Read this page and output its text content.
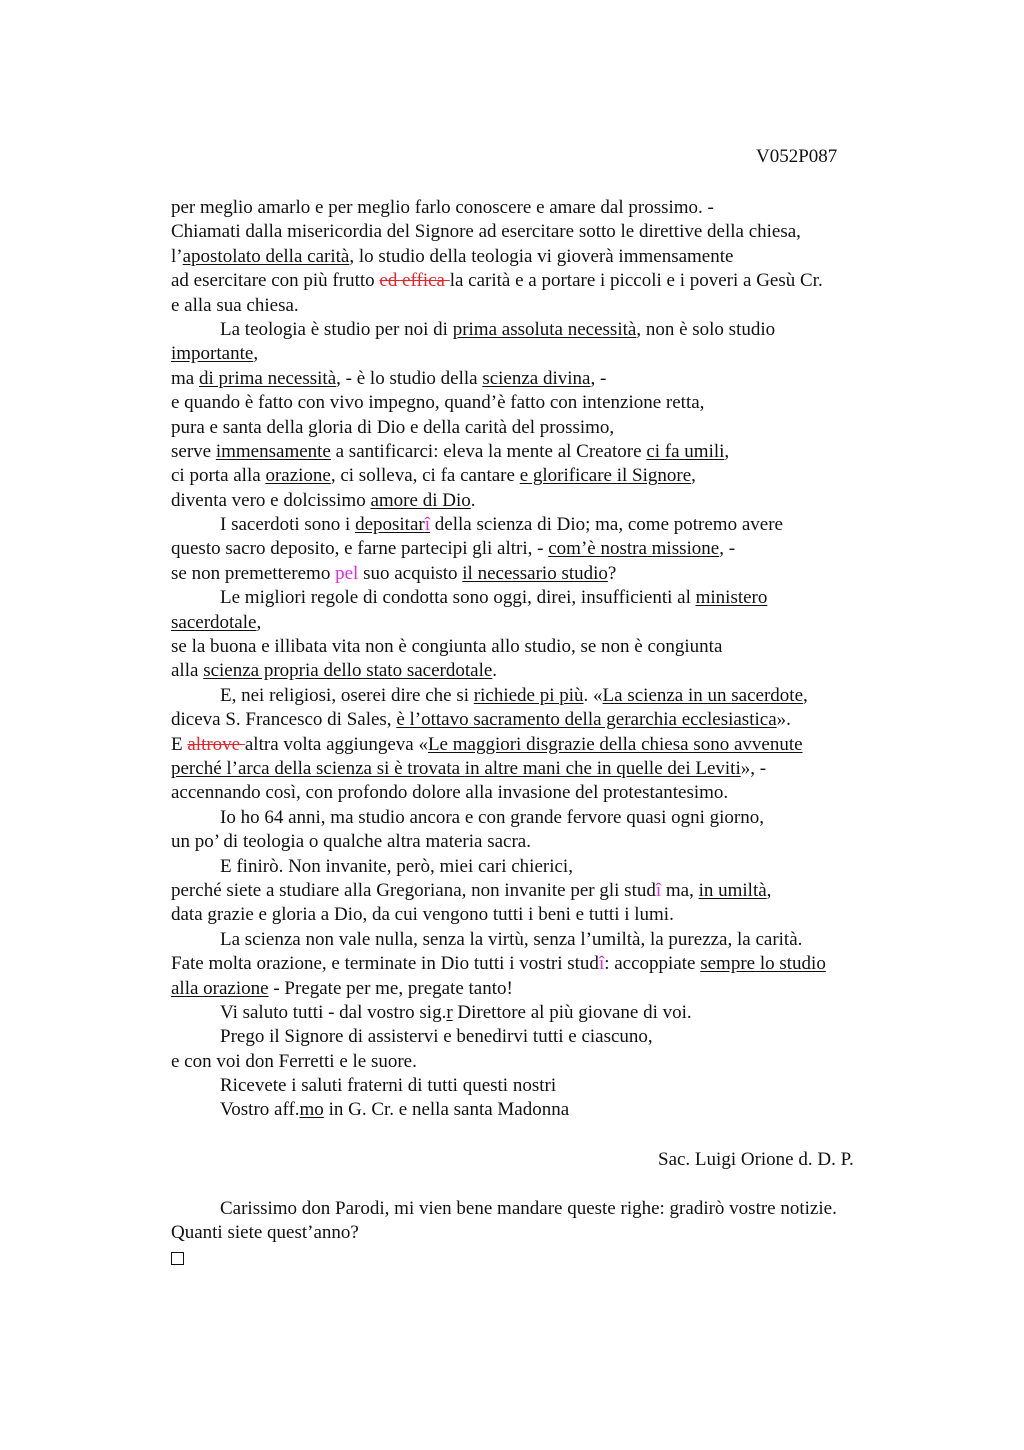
V052P087
per meglio amarlo e per meglio farlo conoscere e amare dal prossimo. -
Chiamati dalla misericordia del Signore ad esercitare sotto le direttive della chiesa,
l’apostolato della carità, lo studio della teologia vi gioverà immensamente
ad esercitare con più frutto ed effica la carità e a portare i piccoli e i poveri a Gesù Cr.
e alla sua chiesa.
La teologia è studio per noi di prima assoluta necessità, non è solo studio
importante,
ma di prima necessità, - è lo studio della scienza divina, -
e quando è fatto con vivo impegno, quand’è fatto con intenzione retta,
pura e santa della gloria di Dio e della carità del prossimo,
serve immensamente a santificarci: eleva la mente al Creatore ci fa umili,
ci porta alla orazione, ci solleva, ci fa cantare e glorificare il Signore,
diventa vero e dolcissimo amore di Dio.
I sacerdoti sono i depositarî della scienza di Dio; ma, come potremo avere
questo sacro deposito, e farne partecipi gli altri, - com’è nostra missione, -
se non premetteremo pel suo acquisto il necessario studio?
Le migliori regole di condotta sono oggi, direi, insufficienti al ministero
sacerdotale,
se la buona e illibata vita non è congiunta allo studio, se non è congiunta
alla scienza propria dello stato sacerdotale.
E, nei religiosi, oserei dire che si richiede pi più. «La scienza in un sacerdote,
diceva S. Francesco di Sales, è l’ottavo sacramento della gerarchia ecclesiastica».
E altrove altra volta aggiungeva «Le maggiori disgrazie della chiesa sono avvenute
perché l’arca della scienza si è trovata in altre mani che in quelle dei Leviti», -
accennando così, con profondo dolore alla invasione del protestantesimo.
Io ho 64 anni, ma studio ancora e con grande fervore quasi ogni giorno,
un po’ di teologia o qualche altra materia sacra.
E finirò. Non invanite, però, miei cari chierici,
perché siete a studiare alla Gregoriana, non invanite per gli studî ma, in umiltà,
data grazie e gloria a Dio, da cui vengono tutti i beni e tutti i lumi.
La scienza non vale nulla, senza la virtù, senza l’umiltà, la purezza, la carità.
Fate molta orazione, e terminate in Dio tutti i vostri studî: accoppiate sempre lo studio
alla orazione - Pregate per me, pregate tanto!
Vi saluto tutti - dal vostro sig.r Direttore al più giovane di voi.
Prego il Signore di assistervi e benedirvi tutti e ciascuno,
e con voi don Ferretti e le suore.
Ricevete i saluti fraterni di tutti questi nostri
Vostro aff.mo in G. Cr. e nella santa Madonna
Sac. Luigi Orione d. D. P.
Carissimo don Parodi, mi vien bene mandare queste righe: gradirò vostre notizie.
Quanti siete quest’anno?
